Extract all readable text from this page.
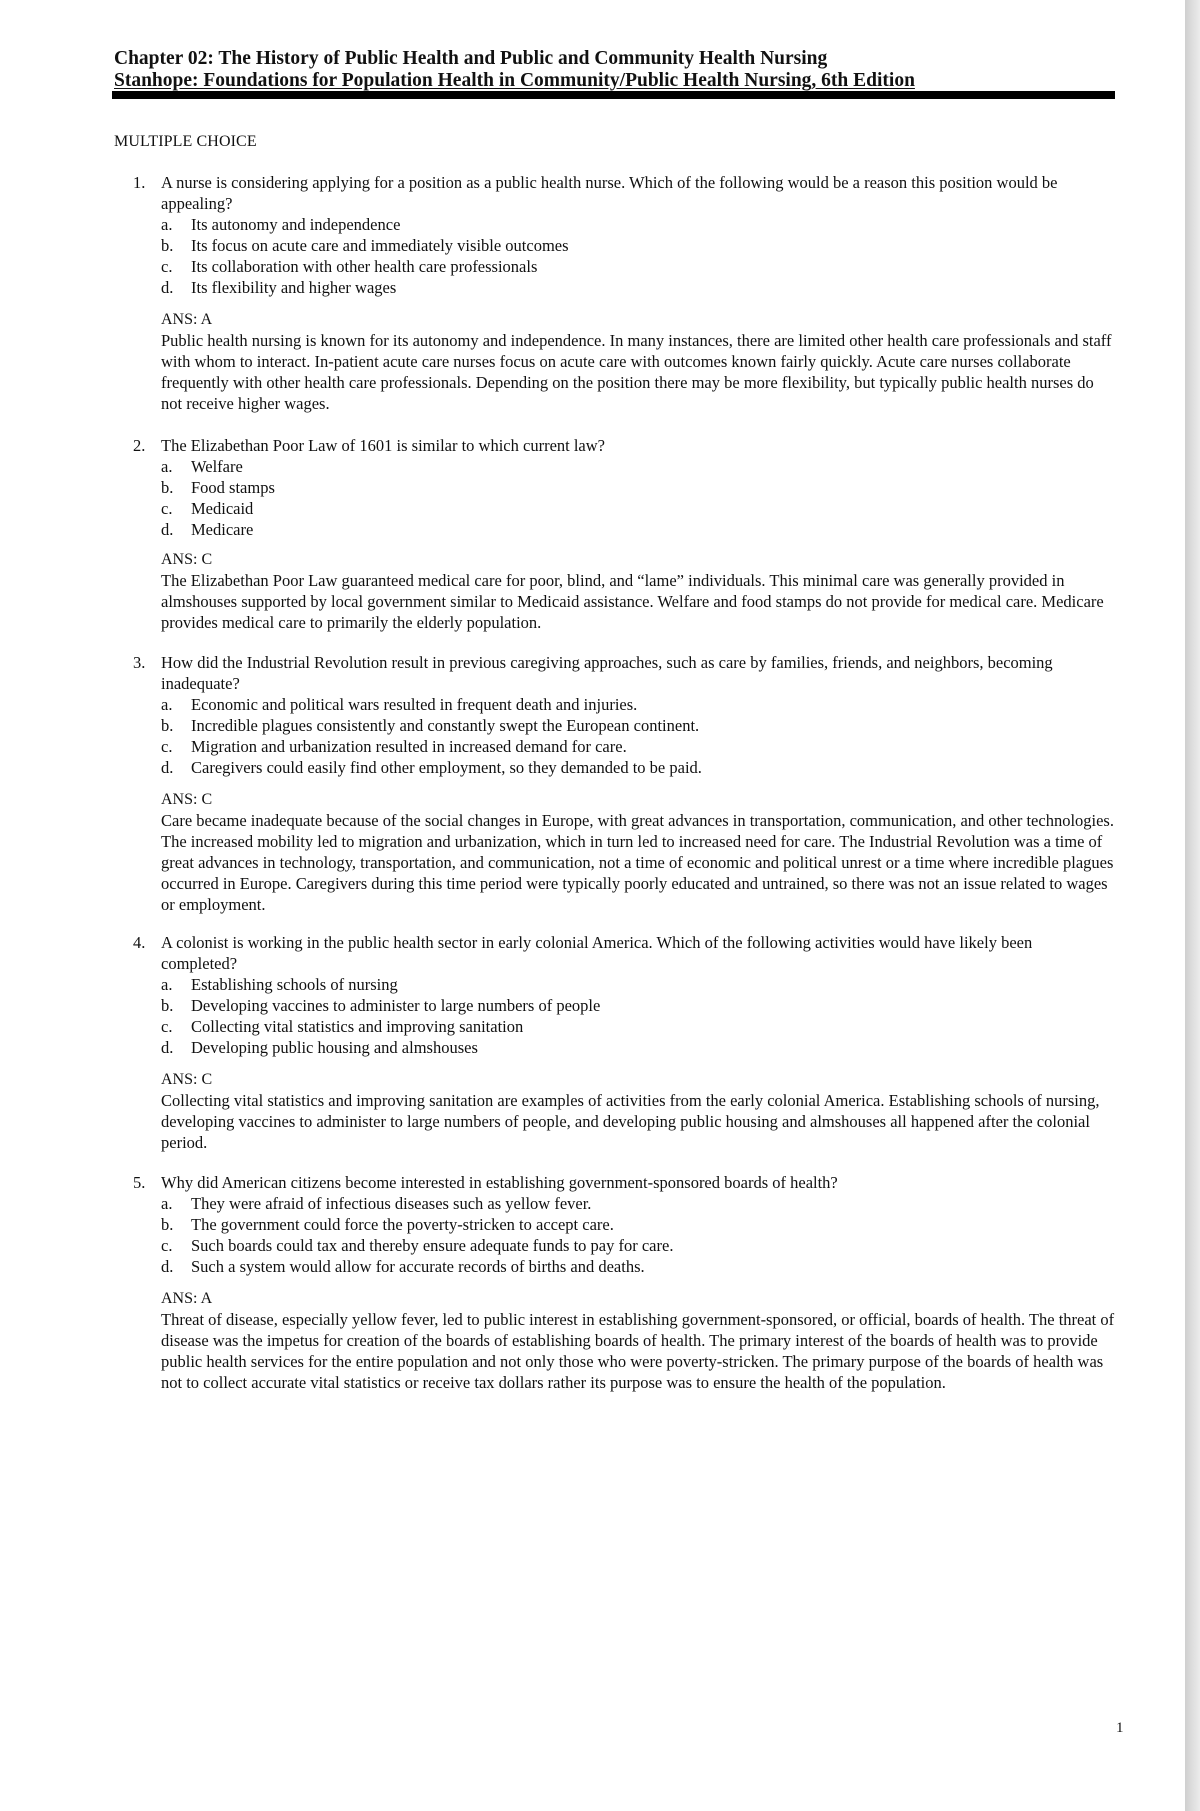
Chapter 02: The History of Public Health and Public and Community Health Nursing
Stanhope: Foundations for Population Health in Community/Public Health Nursing, 6th Edition
MULTIPLE CHOICE
1. A nurse is considering applying for a position as a public health nurse. Which of the following would be a reason this position would be appealing?
a. Its autonomy and independence
b. Its focus on acute care and immediately visible outcomes
c. Its collaboration with other health care professionals
d. Its flexibility and higher wages
ANS: A
Public health nursing is known for its autonomy and independence. In many instances, there are limited other health care professionals and staff with whom to interact. In-patient acute care nurses focus on acute care with outcomes known fairly quickly. Acute care nurses collaborate frequently with other health care professionals. Depending on the position there may be more flexibility, but typically public health nurses do not receive higher wages.
2. The Elizabethan Poor Law of 1601 is similar to which current law?
a. Welfare
b. Food stamps
c. Medicaid
d. Medicare
ANS: C
The Elizabethan Poor Law guaranteed medical care for poor, blind, and “lame” individuals. This minimal care was generally provided in almshouses supported by local government similar to Medicaid assistance. Welfare and food stamps do not provide for medical care. Medicare provides medical care to primarily the elderly population.
3. How did the Industrial Revolution result in previous caregiving approaches, such as care by families, friends, and neighbors, becoming inadequate?
a. Economic and political wars resulted in frequent death and injuries.
b. Incredible plagues consistently and constantly swept the European continent.
c. Migration and urbanization resulted in increased demand for care.
d. Caregivers could easily find other employment, so they demanded to be paid.
ANS: C
Care became inadequate because of the social changes in Europe, with great advances in transportation, communication, and other technologies. The increased mobility led to migration and urbanization, which in turn led to increased need for care. The Industrial Revolution was a time of great advances in technology, transportation, and communication, not a time of economic and political unrest or a time where incredible plagues occurred in Europe. Caregivers during this time period were typically poorly educated and untrained, so there was not an issue related to wages or employment.
4. A colonist is working in the public health sector in early colonial America. Which of the following activities would have likely been completed?
a. Establishing schools of nursing
b. Developing vaccines to administer to large numbers of people
c. Collecting vital statistics and improving sanitation
d. Developing public housing and almshouses
ANS: C
Collecting vital statistics and improving sanitation are examples of activities from the early colonial America. Establishing schools of nursing, developing vaccines to administer to large numbers of people, and developing public housing and almshouses all happened after the colonial period.
5. Why did American citizens become interested in establishing government-sponsored boards of health?
a. They were afraid of infectious diseases such as yellow fever.
b. The government could force the poverty-stricken to accept care.
c. Such boards could tax and thereby ensure adequate funds to pay for care.
d. Such a system would allow for accurate records of births and deaths.
ANS: A
Threat of disease, especially yellow fever, led to public interest in establishing government-sponsored, or official, boards of health. The threat of disease was the impetus for creation of the boards of establishing boards of health. The primary interest of the boards of health was to provide public health services for the entire population and not only those who were poverty-stricken. The primary purpose of the boards of health was not to collect accurate vital statistics or receive tax dollars rather its purpose was to ensure the health of the population.
1
